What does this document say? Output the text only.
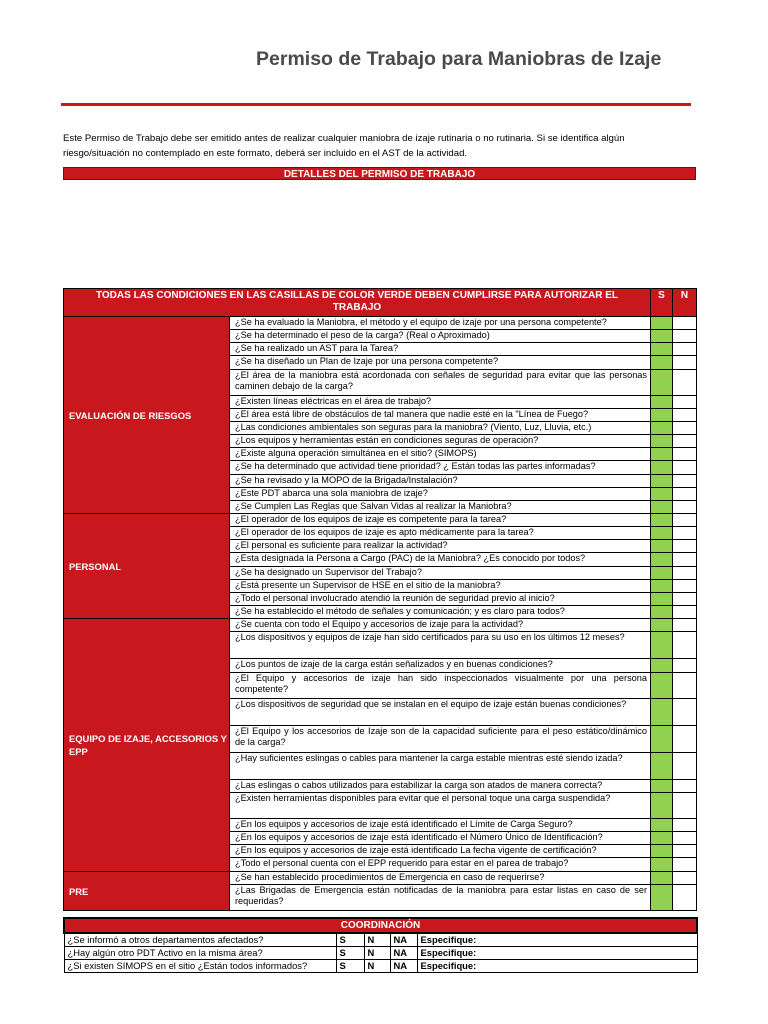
Permiso de Trabajo para Maniobras de Izaje
Este Permiso de Trabajo debe ser emitido antes de realizar cualquier maniobra de izaje rutinaria o no rutinaria. Si se identifica algún riesgo/situación no contemplado en este formato, deberá ser incluido en el AST de la actividad.
DETALLES DEL PERMISO DE TRABAJO
TODAS LAS CONDICIONES EN LAS CASILLAS DE COLOR VERDE DEBEN CUMPLIRSE PARA AUTORIZAR EL TRABAJO		S	N
EVALUACIÓN DE RIESGOS	¿Se ha evaluado la Maniobra, el método y el equipo de izaje por una persona competente?		
	¿Se ha determinado el peso de la carga? (Real o Aproximado)		
	¿Se ha realizado un AST para la Tarea?		
	¿Se ha diseñado un Plan de Izaje por una persona competente?		
	¿El área de la maniobra está acordonada con señales de seguridad para evitar que las personas caminen debajo de la carga?		
	¿Existen líneas eléctricas en el área de trabajo?		
	¿El área está libre de obstáculos de tal manera que nadie esté en la "Línea de Fuego?		
	¿Las condiciones ambientales son seguras para la maniobra? (Viento, Luz, Lluvia, etc.)		
	¿Los equipos y herramientas están en condiciones seguras de operación?		
	¿Existe alguna operación simultánea en el sitio? (SIMOPS)		
	¿Se ha determinado que actividad tiene prioridad? ¿ Están todas las partes informadas?		
	¿Se ha revisado y la MOPO de la Brigada/Instalación?		
	¿Este PDT abarca una sola maniobra de izaje?		
	¿Se Cumplen Las Reglas que Salvan Vidas al realizar la Maniobra?		
PERSONAL	¿El operador de los equipos de izaje es competente para la tarea?		
	¿El operador de los equipos de izaje es apto médicamente para la tarea?		
	¿El personal es suficiente para realizar la actividad?		
	¿Esta designada la Persona a Cargo (PAC) de la Maniobra? ¿Es conocido por todos?		
	¿Se ha designado un Supervisor del Trabajo?		
	¿Está presente un Supervisor de HSE en el sitio de la maniobra?		
	¿Todo el personal involucrado atendió la reunión de seguridad previo al inicio?		
	¿Se ha establecido el método de señales y comunicación; y es claro para todos?		
EQUIPO DE IZAJE, ACCESORIOS Y EPP	¿Se cuenta con todo el Equipo y accesorios de izaje para la actividad?		
	¿Los dispositivos y equipos de izaje han sido certificados para su uso en los últimos 12 meses?		
	¿Los puntos de izaje de la carga están señalizados y en buenas condiciones?		
	¿El Equipo y accesorios de izaje han sido inspeccionados visualmente por una persona competente?		
	¿Los dispositivos de seguridad que se instalan en el equipo de izaje están buenas condiciones?		
	¿El Equipo y los accesorios de Izaje son de la capacidad suficiente para el peso estático/dinámico de la carga?		
	¿Hay suficientes eslingas o cables para mantener la carga estable mientras esté siendo izada?		
	¿Las eslingas o cabos utilizados para estabilizar la carga son atados de manera correcta?		
	¿Existen herramientas disponibles para evitar que el personal toque una carga suspendida?		
	¿En los equipos y accesorios de izaje está identificado el Límite de Carga Seguro?		
	¿En los equipos y accesorios de izaje está identificado el Número Único de Identificación?		
	¿En los equipos y accesorios de izaje está identificado La fecha vigente de certificación?		
	¿Todo el personal cuenta con el EPP requerido para estar en el parea de trabajo?		
PRE	¿Se han establecido procedimientos de Emergencia en caso de requerirse?		
	¿Las Brigadas de Emergencia están notificadas de la maniobra para estar listas en caso de ser requeridas?		
COORDINACIÓN				
¿Se informó a otros departamentos afectados?	S	N	NA	Especifique:
¿Hay algún otro PDT Activo en la misma área?	S	N	NA	Especifique:
¿Si existen SIMOPS en el sitio ¿Están todos informados?	S	N	NA	Especifique:
